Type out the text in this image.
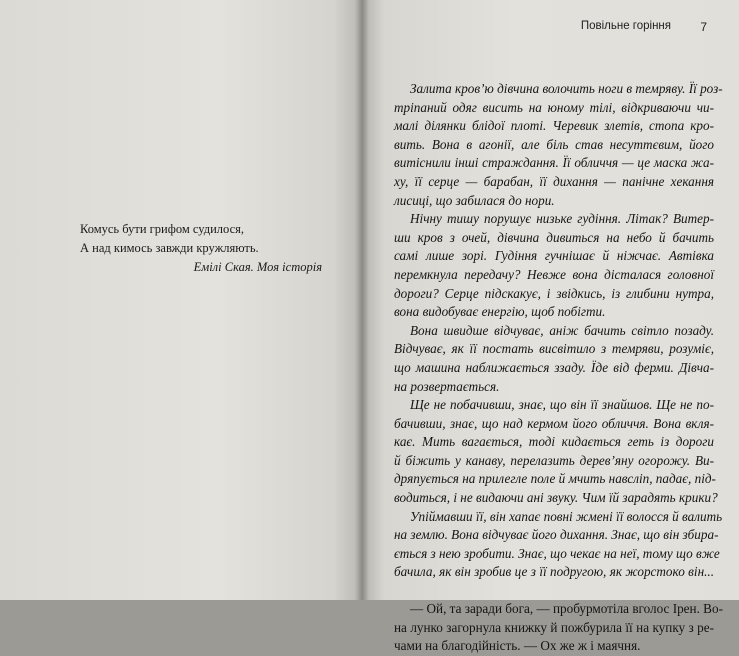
Комусь бути грифом судилося,
А над кимось завжди кружляють.
Емілі Ская. Моя історія
Повільне горіння 7
Залита кров’ю дівчина волочить ноги в темряву. Її роз-
тріпаний одяг висить на юному тілі, відкриваючи чи-
малі ділянки блідої плоті. Черевик злетів, стопа кро-
вить. Вона в агонії, але біль став несуттєвим, його
витіснили інші страждання. Її обличчя — це маска жа-
ху, її серце — барабан, її дихання — панічне хекання
лисиці, що забилася до нори.
Нічну тишу порушує низьке гудіння. Літак? Витер-
ши кров з очей, дівчина дивиться на небо й бачить
самі лише зорі. Гудіння гучнішає й ніжчає. Автівка
перемкнула передачу? Невже вона дісталася головної
дороги? Серце підскакує, і звідкись, із глибини нутра,
вона видобуває енергію, щоб побігти.
Вона швидше відчуває, аніж бачить світло позаду.
Відчуває, як її постать висвітило з темряви, розуміє,
що машина наближається ззаду. Їде від ферми. Дівча-
на розвертається.
Ще не побачивши, знає, що він її знайшов. Ще не по-
бачивши, знає, що над кермом його обличчя. Вона вкля-
кає. Мить вагається, тоді кидається геть із дороги
й біжить у канаву, перелазить дерев’яну огорожу. Ви-
дряпується на прилегле поле й мчить навсліп, падає, під-
водиться, і не видаючи ані звуку. Чим їй зарадять крики?
Упіймавши її, він хапає повні жмені її волосся й валить
на землю. Вона відчуває його дихання. Знає, що він збира-
ється з нею зробити. Знає, що чекає на неї, тому що вже
бачила, як він зробив це з її подругою, як жорстоко він...
— Ой, та заради бога, — пробурмотіла вголос Ірен. Во-
на лунко загорнула книжку й пожбурила її на купку з ре-
чами на благодійність. — Ох же ж і маячня.
